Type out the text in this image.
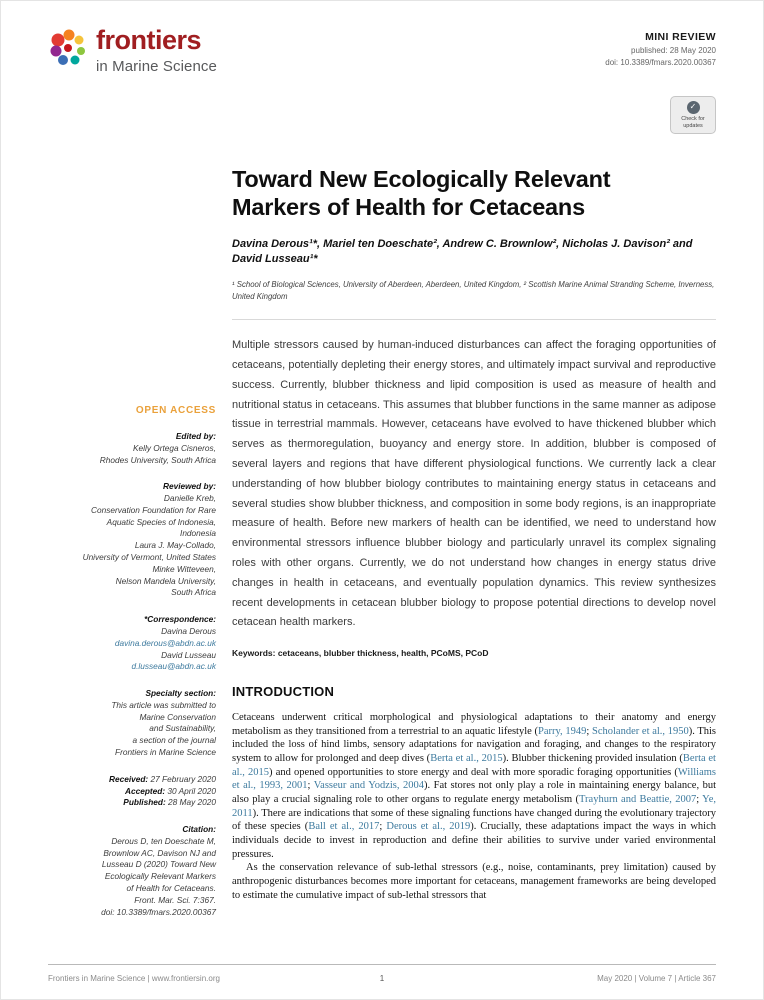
frontiers
in Marine Science
MINI REVIEW
published: 28 May 2020
doi: 10.3389/fmars.2020.00367
✓
Check for
updates
OPEN ACCESS
Edited by:
Kelly Ortega Cisneros,
Rhodes University, South Africa
Reviewed by:
Danielle Kreb,
Conservation Foundation for Rare
Aquatic Species of Indonesia,
Indonesia
Laura J. May-Collado,
University of Vermont, United States
Minke Witteveen,
Nelson Mandela University,
South Africa
*Correspondence:
Davina Derous
davina.derous@abdn.ac.uk
David Lusseau
d.lusseau@abdn.ac.uk
Specialty section:
This article was submitted to
Marine Conservation
and Sustainability,
a section of the journal
Frontiers in Marine Science
Received: 27 February 2020
Accepted: 30 April 2020
Published: 28 May 2020
Citation:
Derous D, ten Doeschate M,
Brownlow AC, Davison NJ and
Lusseau D (2020) Toward New
Ecologically Relevant Markers
of Health for Cetaceans.
Front. Mar. Sci. 7:367.
doi: 10.3389/fmars.2020.00367
Toward New Ecologically Relevant Markers of Health for Cetaceans
Davina Derous¹*, Mariel ten Doeschate², Andrew C. Brownlow², Nicholas J. Davison² and David Lusseau¹*
¹ School of Biological Sciences, University of Aberdeen, Aberdeen, United Kingdom, ² Scottish Marine Animal Stranding Scheme, Inverness, United Kingdom

Multiple stressors caused by human-induced disturbances can affect the foraging opportunities of cetaceans, potentially depleting their energy stores, and ultimately impact survival and reproductive success. Currently, blubber thickness and lipid composition is used as measure of health and nutritional status in cetaceans. This assumes that blubber functions in the same manner as adipose tissue in terrestrial mammals. However, cetaceans have evolved to have thickened blubber which serves as thermoregulation, buoyancy and energy store. In addition, blubber is composed of several layers and regions that have different physiological functions. We currently lack a clear understanding of how blubber biology contributes to maintaining energy status in cetaceans and several studies show blubber thickness, and composition in some body regions, is an inappropriate measure of health. Before new markers of health can be identified, we need to understand how environmental stressors influence blubber biology and particularly unravel its complex signaling roles with other organs. Currently, we do not understand how changes in energy status drive changes in health in cetaceans, and eventually population dynamics. This review synthesizes recent developments in cetacean blubber biology to propose potential directions to develop novel cetacean health markers.

Keywords: cetaceans, blubber thickness, health, PCoMS, PCoD

INTRODUCTION

Cetaceans underwent critical morphological and physiological adaptations to their anatomy and energy metabolism as they transitioned from a terrestrial to an aquatic lifestyle (Parry, 1949; Scholander et al., 1950). This included the loss of hind limbs, sensory adaptations for navigation and foraging, and changes to the respiratory system to allow for prolonged and deep dives (Berta et al., 2015). Blubber thickening provided insulation (Berta et al., 2015) and opened opportunities to store energy and deal with more sporadic foraging opportunities (Williams et al., 1993, 2001; Vasseur and Yodzis, 2004). Fat stores not only play a role in maintaining energy balance, but also play a crucial signaling role to other organs to regulate energy metabolism (Trayhurn and Beattie, 2007; Ye, 2011). There are indications that some of these signaling functions have changed during the evolutionary trajectory of these species (Ball et al., 2017; Derous et al., 2019). Crucially, these adaptations impact the ways in which individuals decide to invest in reproduction and define their abilities to survive under varied environmental pressures.

As the conservation relevance of sub-lethal stressors (e.g., noise, contaminants, prey limitation) caused by anthropogenic disturbances becomes more important for cetaceans, management frameworks are being developed to estimate the cumulative impact of sub-lethal stressors that

Frontiers in Marine Science | www.frontiersin.org	1	May 2020 | Volume 7 | Article 367
